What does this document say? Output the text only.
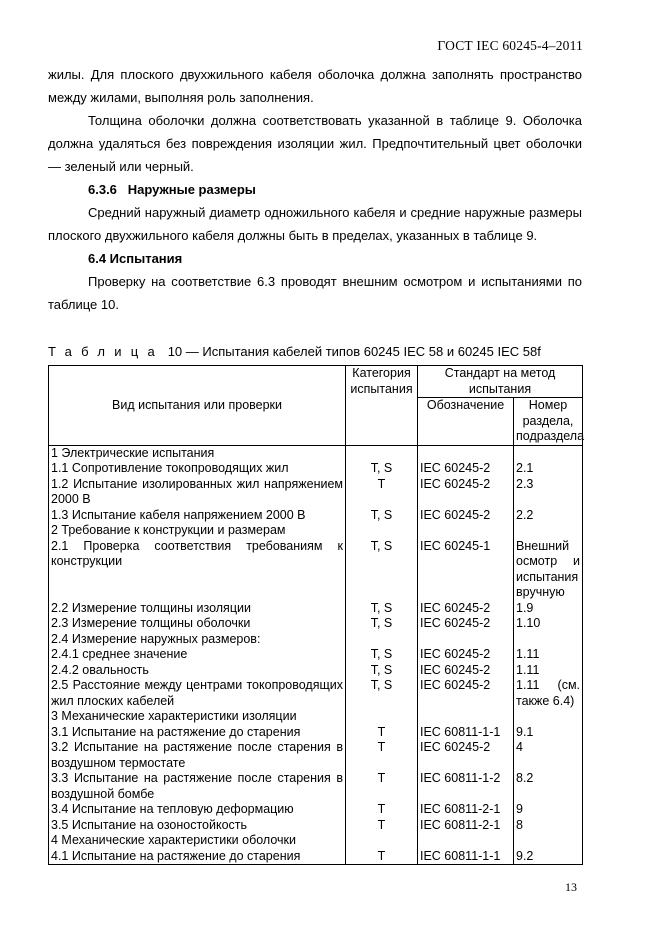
ГОСТ IEC 60245-4–2011

жилы. Для плоского двухжильного кабеля оболочка должна заполнять пространство между жилами, выполняя роль заполнения.

Толщина оболочки должна соответствовать указанной в таблице 9. Оболочка должна удаляться без повреждения изоляции жил. Предпочтительный цвет оболочки — зеленый или черный.

6.3.6   Наружные размеры

Средний наружный диаметр одножильного кабеля и средние наружные размеры плоского двухжильного кабеля должны быть в пределах, указанных в таблице 9.

6.4 Испытания

Проверку на соответствие 6.3 проводят внешним осмотром и испытаниями по таблице 10.

Таблица 10 — Испытания кабелей типов 60245 IEC 58 и 60245 IEC 58f
Вид испытания или проверки	Категория испытания	Стандарт на метод испытания	
		Обозначение	Номер раздела, подраздела
1 Электрические испытания			
1.1 Сопротивление токопроводящих жил	T, S	IEC 60245-2	2.1
1.2 Испытание изолированных жил напряжением 2000 В	T	IEC 60245-2	2.3
1.3 Испытание кабеля напряжением 2000 В	T, S	IEC 60245-2	2.2
2 Требование к конструкции и размерам			
2.1 Проверка соответствия требованиям к конструкции	T, S	IEC 60245-1	Внешний осмотр и испытания вручную
2.2 Измерение толщины изоляции	T, S	IEC 60245-2	1.9
2.3 Измерение толщины оболочки	T, S	IEC 60245-2	1.10
2.4 Измерение наружных размеров:			
2.4.1 среднее значение	T, S	IEC 60245-2	1.11
2.4.2 овальность	T, S	IEC 60245-2	1.11
2.5 Расстояние между центрами токопроводящих жил плоских кабелей	T, S	IEC 60245-2	1.11 (см. также 6.4)
3 Механические характеристики изоляции			
3.1 Испытание на растяжение до старения	T	IEC 60811-1-1	9.1
3.2 Испытание на растяжение после старения в воздушном термостате	T	IEC 60245-2	4
3.3 Испытание на растяжение после старения в воздушной бомбе	T	IEC 60811-1-2	8.2
3.4 Испытание на тепловую деформацию	T	IEC 60811-2-1	9
3.5 Испытание на озоностойкость	T	IEC 60811-2-1	8
4 Механические характеристики оболочки			
4.1 Испытание на растяжение до старения	T	IEC 60811-1-1	9.2
13
